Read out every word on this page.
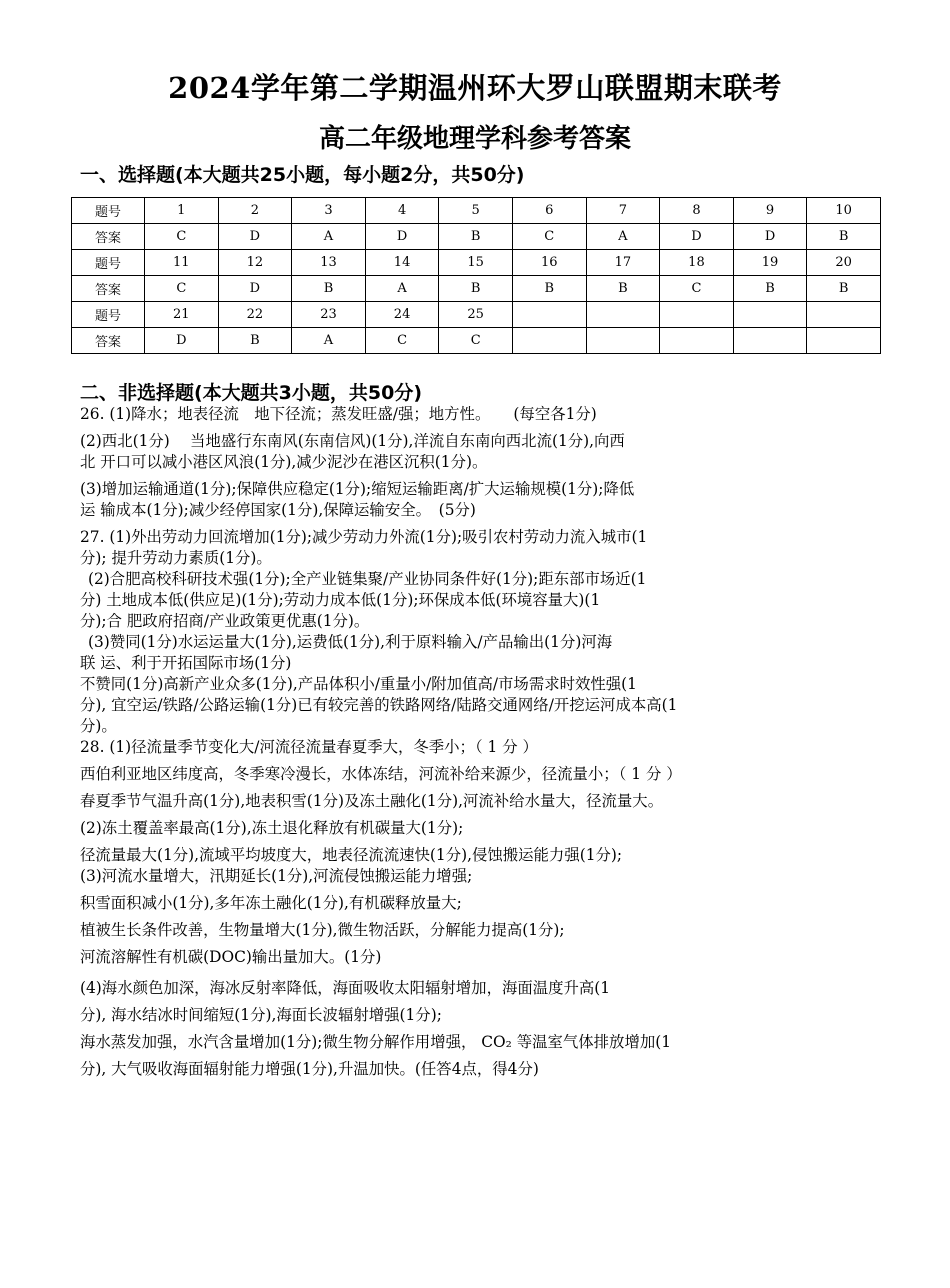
2024学年第二学期温州环大罗山联盟期末联考
高二年级地理学科参考答案
一、选择题(本大题共25小题，每小题2分，共50分)
题号	1	2	3	4	5	6	7	8	9	10
答案	C	D	A	D	B	C	A	D	D	B
题号	11	12	13	14	15	16	17	18	19	20
答案	C	D	B	A	B	B	B	C	B	B
题号	21	22	23	24	25					
答案	D	B	A	C	C					
二、非选择题(本大题共3小题，共50分)
26. (1)降水；地表径流　地下径流；蒸发旺盛/强；地方性。　　(每空各1分)
(2)西北(1分)　 当地盛行东南风(东南信风)(1分),洋流自东南向西北流(1分),向西
北 开口可以减小港区风浪(1分),减少泥沙在港区沉积(1分)。
(3)增加运输通道(1分);保障供应稳定(1分);缩短运输距离/扩大运输规模(1分);降低
运 输成本(1分);减少经停国家(1分),保障运输安全。　(5分)
27. (1)外出劳动力回流增加(1分);减少劳动力外流(1分);吸引农村劳动力流入城市(1
分); 提升劳动力素质(1分)。
(2)合肥高校科研技术强(1分);全产业链集聚/产业协同条件好(1分);距东部市场近(1
分) 土地成本低(供应足)(1分);劳动力成本低(1分);环保成本低(环境容量大)(1
分);合 肥政府招商/产业政策更优惠(1分)。
(3)赞同(1分)水运运量大(1分),运费低(1分),利于原料输入/产品输出(1分)河海
联 运、利于开拓国际市场(1分)
不赞同(1分)高新产业众多(1分),产品体积小/重量小/附加值高/市场需求时效性强(1
分), 宜空运/铁路/公路运输(1分)已有较完善的铁路网络/陆路交通网络/开挖运河成本高(1
分)。
28. (1)径流量季节变化大/河流径流量春夏季大，冬季小；（ 1 分 ）
西伯利亚地区纬度高，冬季寒冷漫长，水体冻结，河流补给来源少，径流量小；（ 1 分 ）
春夏季节气温升高(1分),地表积雪(1分)及冻土融化(1分),河流补给水量大，径流量大。
(2)冻土覆盖率最高(1分),冻土退化释放有机碳量大(1分);
径流量最大(1分),流域平均坡度大，地表径流流速快(1分),侵蚀搬运能力强(1分);
(3)河流水量增大，汛期延长(1分),河流侵蚀搬运能力增强;
积雪面积减小(1分),多年冻土融化(1分),有机碳释放量大;
植被生长条件改善，生物量增大(1分),微生物活跃，分解能力提高(1分);
河流溶解性有机碳(DOC)输出量加大。(1分)
(4)海水颜色加深，海冰反射率降低，海面吸收太阳辐射增加，海面温度升高(1
分), 海水结冰时间缩短(1分),海面长波辐射增强(1分);
海水蒸发加强，水汽含量增加(1分);微生物分解作用增强， CO₂ 等温室气体排放增加(1
分), 大气吸收海面辐射能力增强(1分),升温加快。(任答4点，得4分)
